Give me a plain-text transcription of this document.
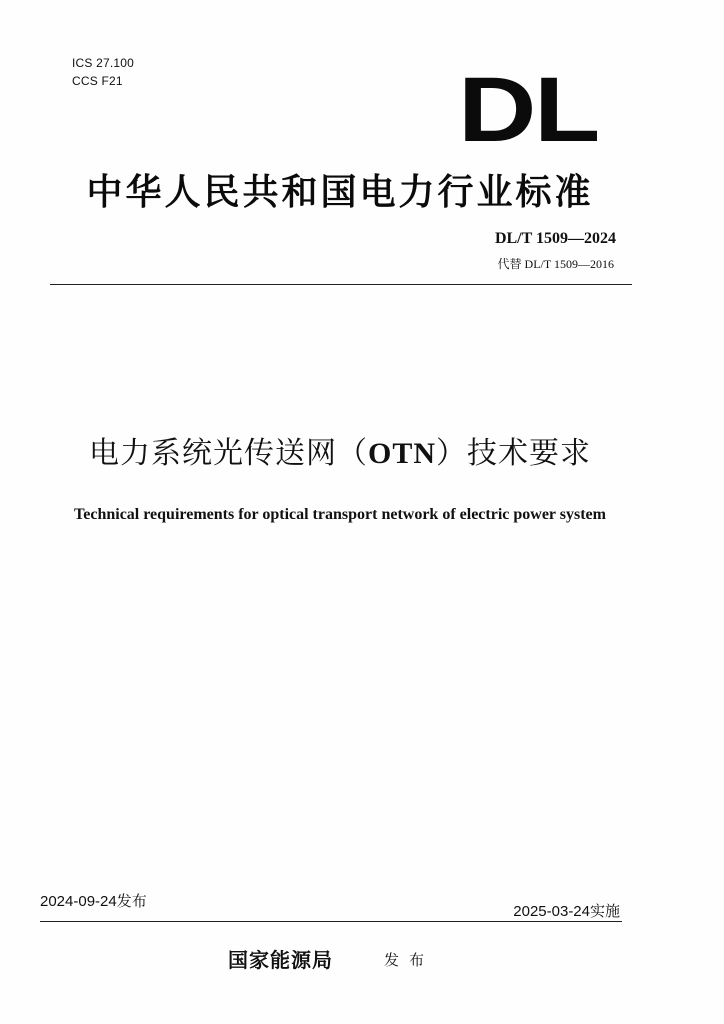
ICS 27.100
CCS F21	DL
中华人民共和国电力行业标准
DL/T 1509—2024
代替 DL/T 1509—2016
电力系统光传送网（OTN）技术要求
Technical requirements for optical transport network of electric power system
2024-09-24发布
2025-03-24实施
国家能源局	发布
